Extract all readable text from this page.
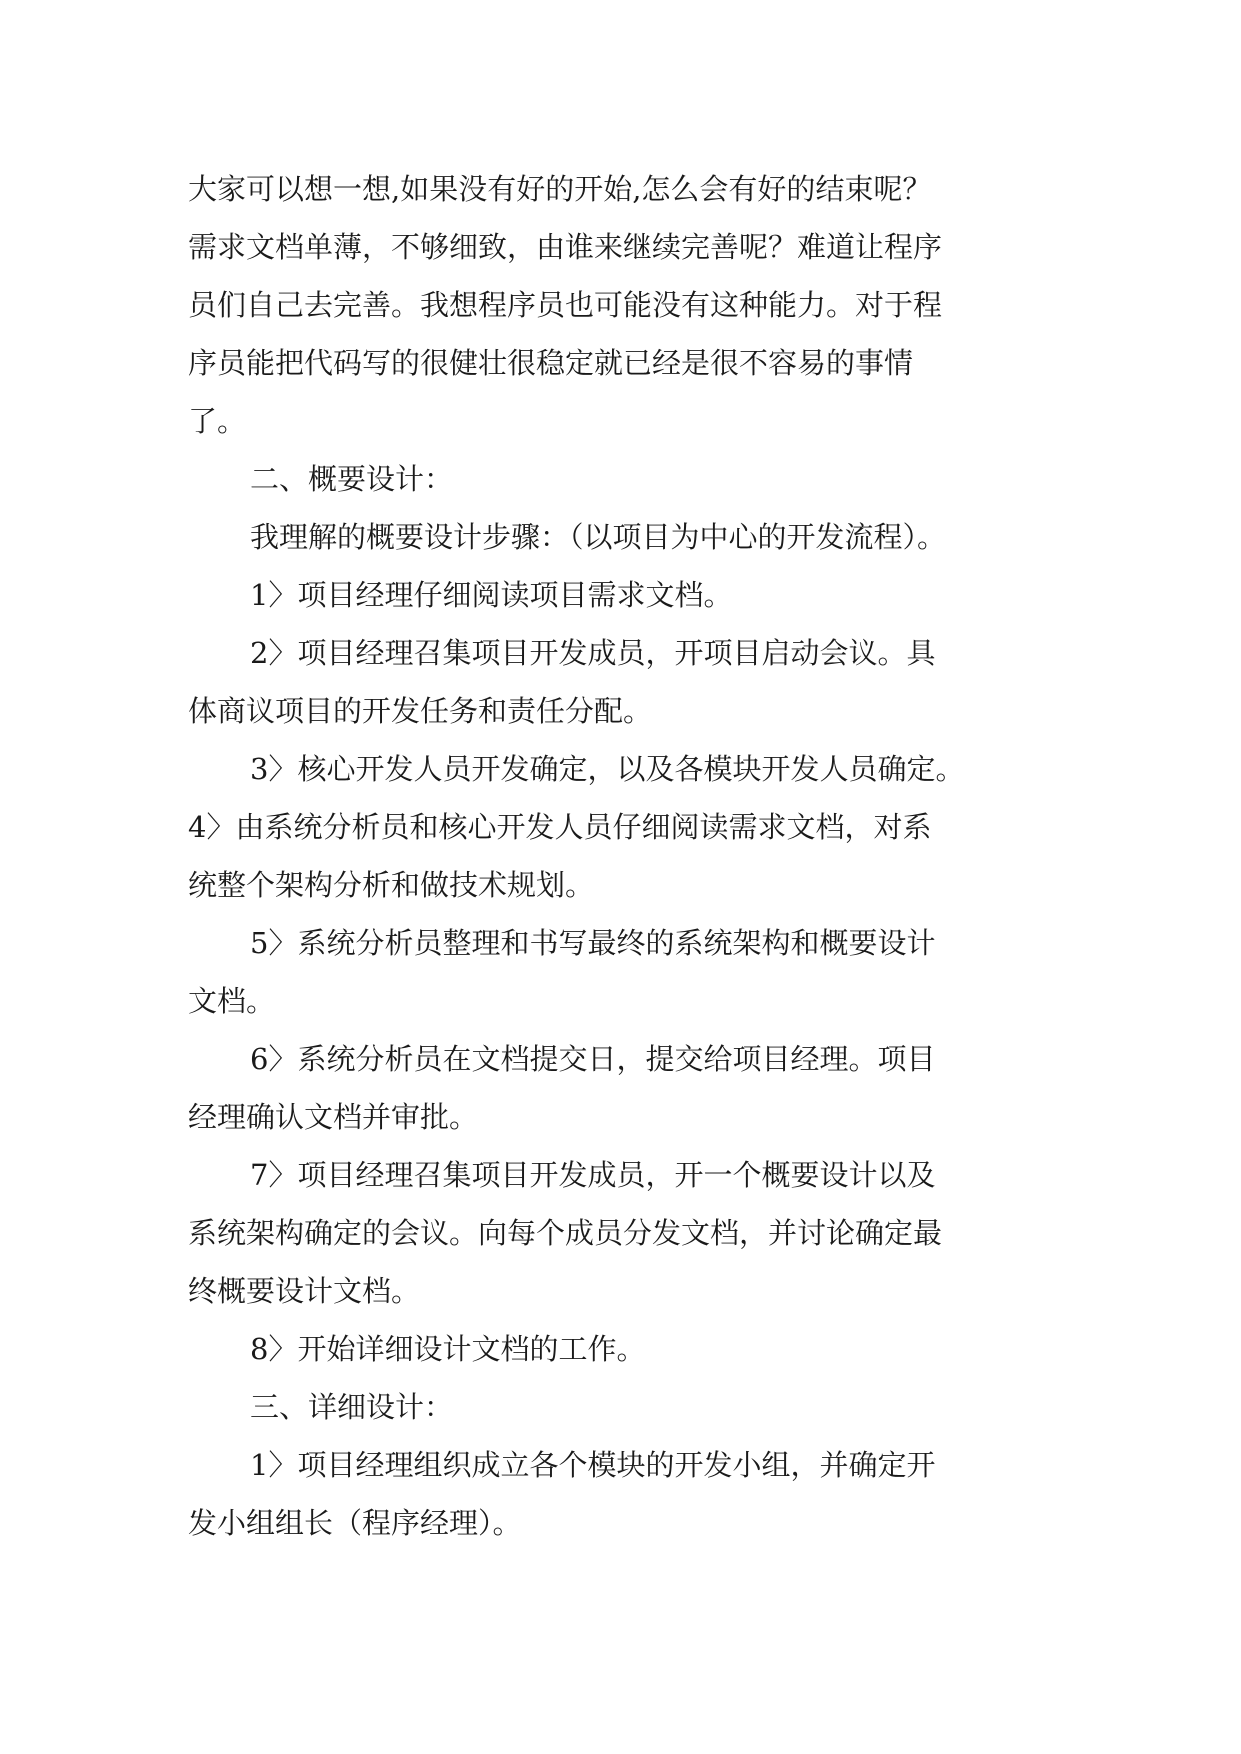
大家可以想一想,如果没有好的开始,怎么会有好的结束呢？
需求文档单薄，不够细致，由谁来继续完善呢？难道让程序
员们自己去完善。我想程序员也可能没有这种能力。对于程
序员能把代码写的很健壮很稳定就已经是很不容易的事情
了。
二、概要设计：
我理解的概要设计步骤：（以项目为中心的开发流程）。
1〉项目经理仔细阅读项目需求文档。
2〉项目经理召集项目开发成员，开项目启动会议。具
体商议项目的开发任务和责任分配。
3〉核心开发人员开发确定，以及各模块开发人员确定。
4〉由系统分析员和核心开发人员仔细阅读需求文档，对系
统整个架构分析和做技术规划。
5〉系统分析员整理和书写最终的系统架构和概要设计
文档。
6〉系统分析员在文档提交日，提交给项目经理。项目
经理确认文档并审批。
7〉项目经理召集项目开发成员，开一个概要设计以及
系统架构确定的会议。向每个成员分发文档，并讨论确定最
终概要设计文档。
8〉开始详细设计文档的工作。
三、详细设计：
1〉项目经理组织成立各个模块的开发小组，并确定开
发小组组长（程序经理）。
